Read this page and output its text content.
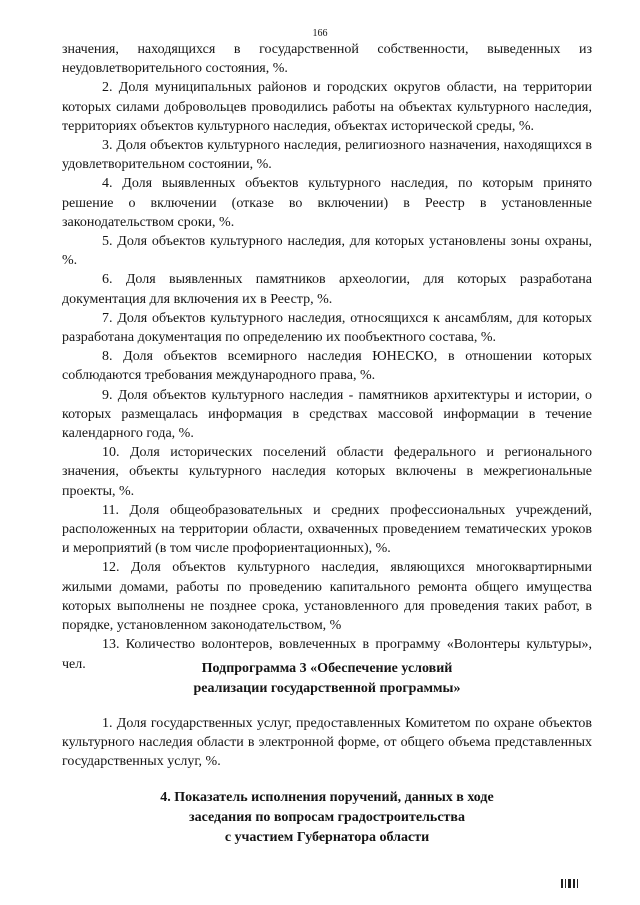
166

значения, находящихся в государственной собственности, выведенных из неудовлетворительного состояния, %.

2. Доля муниципальных районов и городских округов области, на территории которых силами добровольцев проводились работы на объектах культурного наследия, территориях объектов культурного наследия, объектах исторической среды, %.

3. Доля объектов культурного наследия, религиозного назначения, находящихся в удовлетворительном состоянии, %.

4. Доля выявленных объектов культурного наследия, по которым принято решение о включении (отказе во включении) в Реестр в установленные законодательством сроки, %.

5. Доля объектов культурного наследия, для которых установлены зоны охраны, %.

6. Доля выявленных памятников археологии, для которых разработана документация для включения их в Реестр, %.

7. Доля объектов культурного наследия, относящихся к ансамблям, для которых разработана документация по определению их пообъектного состава, %.

8. Доля объектов всемирного наследия ЮНЕСКО, в отношении которых соблюдаются требования международного права, %.

9. Доля объектов культурного наследия - памятников архитектуры и истории, о которых размещалась информация в средствах массовой информации в течение календарного года, %.

10. Доля исторических поселений области федерального и регионального значения, объекты культурного наследия которых включены в межрегиональные проекты, %.

11. Доля общеобразовательных и средних профессиональных учреждений, расположенных на территории области, охваченных проведением тематических уроков и мероприятий (в том числе профориентационных), %.

12. Доля объектов культурного наследия, являющихся многоквартирными жилыми домами, работы по проведению капитального ремонта общего имущества которых выполнены не позднее срока, установленного для проведения таких работ, в порядке, установленном законодательством, %

13. Количество волонтеров, вовлеченных в программу «Волонтеры культуры», чел.	Подпрограмма 3 «Обеспечение условий
реализации государственной программы»

1. Доля государственных услуг, предоставленных Комитетом по охране объектов культурного наследия области в электронной форме, от общего объема представленных государственных услуг, %.

4. Показатель исполнения поручений, данных в ходе
заседания по вопросам градостроительства
с участием Губернатора области
